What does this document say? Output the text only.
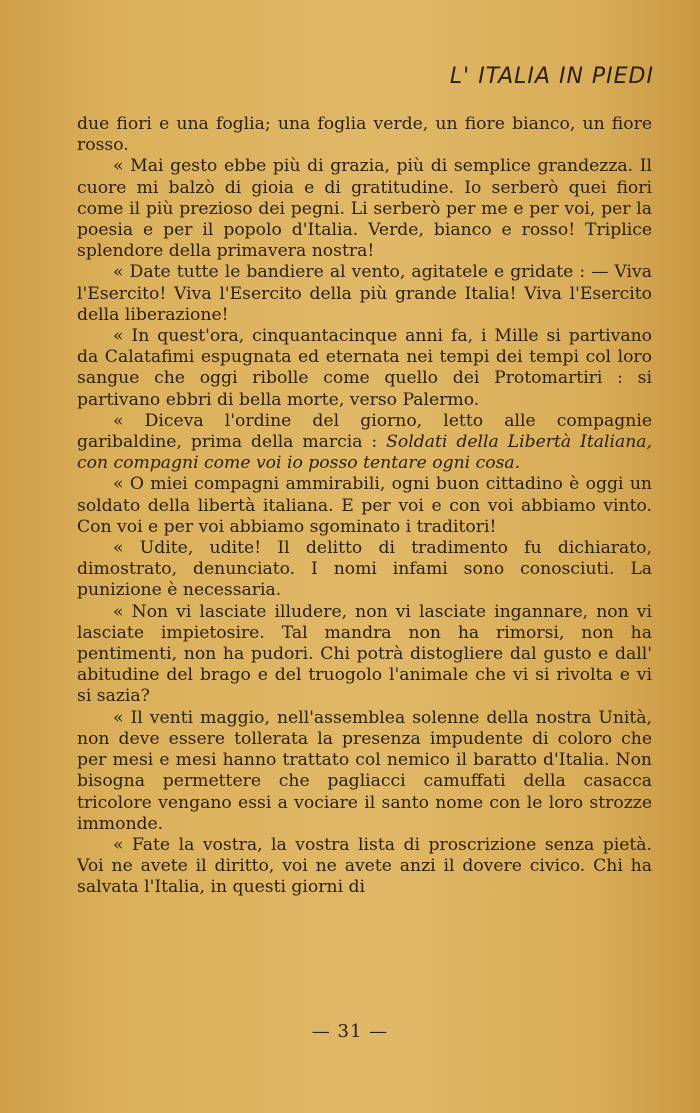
L' ITALIA IN PIEDI

due fiori e una foglia; una foglia verde, un fiore bianco, un fiore rosso.

« Mai gesto ebbe più di grazia, più di semplice grandezza. Il cuore mi balzò di gioia e di gratitudine. Io serberò quei fiori come il più prezioso dei pegni. Li serberò per me e per voi, per la poesia e per il popolo d'Italia. Verde, bianco e rosso! Triplice splendore della primavera nostra!

« Date tutte le bandiere al vento, agitatele e gridate : — Viva l'Esercito! Viva l'Esercito della più grande Italia! Viva l'Esercito della liberazione!

« In quest'ora, cinquantacinque anni fa, i Mille si partivano da Calatafimi espugnata ed eternata nei tempi dei tempi col loro sangue che oggi ribolle come quello dei Protomartiri : si partivano ebbri di bella morte, verso Palermo.

« Diceva l'ordine del giorno, letto alle compagnie garibaldine, prima della marcia : Soldati della Libertà Italiana, con compagni come voi io posso tentare ogni cosa.

« O miei compagni ammirabili, ogni buon cittadino è oggi un soldato della libertà italiana. E per voi e con voi abbiamo vinto. Con voi e per voi abbiamo sgominato i traditori!

« Udite, udite! Il delitto di tradimento fu dichiarato, dimostrato, denunciato. I nomi infami sono conosciuti. La punizione è necessaria.

« Non vi lasciate illudere, non vi lasciate ingannare, non vi lasciate impietosire. Tal mandra non ha rimorsi, non ha pentimenti, non ha pudori. Chi potrà distogliere dal gusto e dall' abitudine del brago e del truogolo l'animale che vi si rivolta e vi si sazia?

« Il venti maggio, nell'assemblea solenne della nostra Unità, non deve essere tollerata la presenza impudente di coloro che per mesi e mesi hanno trattato col nemico il baratto d'Italia. Non bisogna permettere che pagliacci camuffati della casacca tricolore vengano essi a vociare il santo nome con le loro strozze immonde.

« Fate la vostra, la vostra lista di proscrizione senza pietà. Voi ne avete il diritto, voi ne avete anzi il dovere civico. Chi ha salvata l'Italia, in questi giorni di

— 31 —
